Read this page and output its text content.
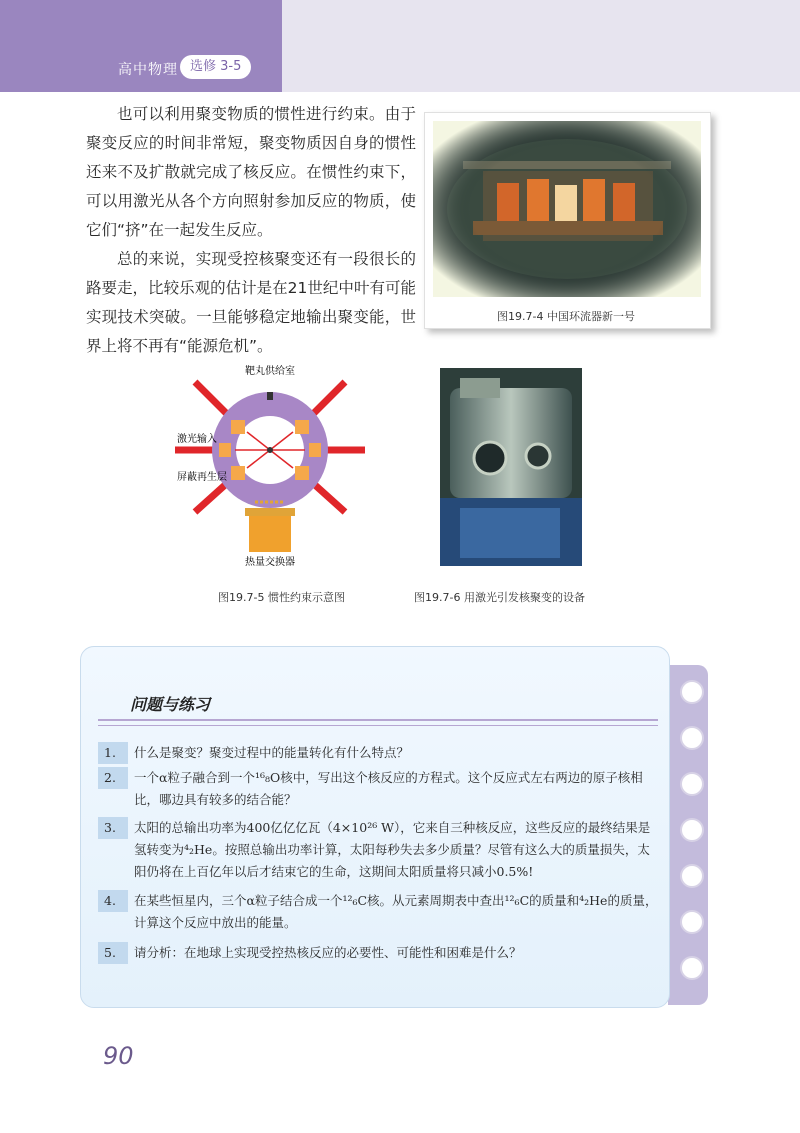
高中物理 选修 3-5

也可以利用聚变物质的惯性进行约束。由于聚变反应的时间非常短，聚变物质因自身的惯性还来不及扩散就完成了核反应。在惯性约束下，可以用激光从各个方向照射参加反应的物质，使它们“挤”在一起发生反应。

总的来说，实现受控核聚变还有一段很长的路要走，比较乐观的估计是在21世纪中叶有可能实现技术突破。一旦能够稳定地输出聚变能，世界上将不再有“能源危机”。

图19.7-4 中国环流器新一号
靶丸供给室
激光输入
屏蔽再生层
热量交换器
图19.7-5 惯性约束示意图	图19.7-6 用激光引发核聚变的设备
问题与练习
1.	什么是聚变？聚变过程中的能量转化有什么特点？
2.	一个α粒子融合到一个¹⁶₈O核中，写出这个核反应的方程式。这个反应式左右两边的原子核相比，哪边具有较多的结合能？
3.	太阳的总输出功率为400亿亿亿瓦（4×10²⁶ W），它来自三种核反应，这些反应的最终结果是氢转变为⁴₂He。按照总输出功率计算，太阳每秒失去多少质量？尽管有这么大的质量损失，太阳仍将在上百亿年以后才结束它的生命，这期间太阳质量将只减小0.5%!
4.	在某些恒星内，三个α粒子结合成一个¹²₆C核。从元素周期表中查出¹²₆C的质量和⁴₂He的质量，计算这个反应中放出的能量。
5.	请分析：在地球上实现受控热核反应的必要性、可能性和困难是什么？
90
